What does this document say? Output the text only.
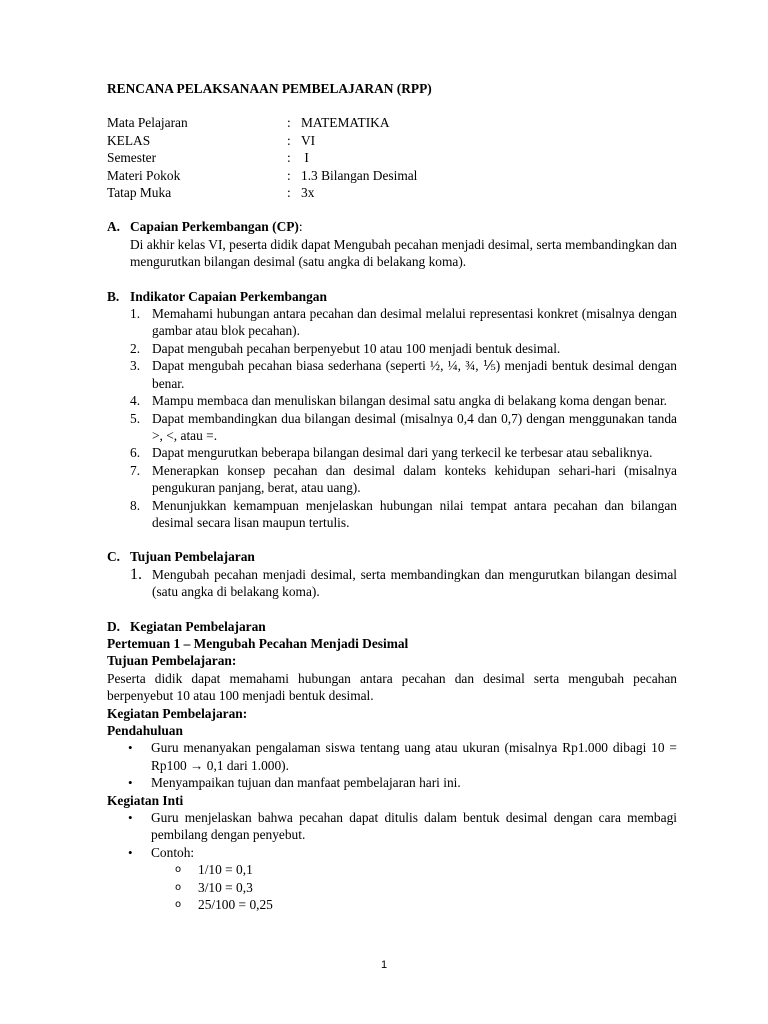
RENCANA PELAKSANAAN PEMBELAJARAN (RPP)
Mata Pelajaran	: MATEMATIKA
KELAS	: VI
Semester	: I
Materi Pokok	: 1.3 Bilangan Desimal
Tatap Muka	: 3x
A. Capaian Perkembangan (CP):
Di akhir kelas VI, peserta didik dapat Mengubah pecahan menjadi desimal, serta membandingkan dan mengurutkan bilangan desimal (satu angka di belakang koma).
B. Indikator Capaian Perkembangan
1. Memahami hubungan antara pecahan dan desimal melalui representasi konkret (misalnya dengan gambar atau blok pecahan).
2. Dapat mengubah pecahan berpenyebut 10 atau 100 menjadi bentuk desimal.
3. Dapat mengubah pecahan biasa sederhana (seperti ½, ¼, ¾, ⅕) menjadi bentuk desimal dengan benar.
4. Mampu membaca dan menuliskan bilangan desimal satu angka di belakang koma dengan benar.
5. Dapat membandingkan dua bilangan desimal (misalnya 0,4 dan 0,7) dengan menggunakan tanda >, <, atau =.
6. Dapat mengurutkan beberapa bilangan desimal dari yang terkecil ke terbesar atau sebaliknya.
7. Menerapkan konsep pecahan dan desimal dalam konteks kehidupan sehari-hari (misalnya pengukuran panjang, berat, atau uang).
8. Menunjukkan kemampuan menjelaskan hubungan nilai tempat antara pecahan dan bilangan desimal secara lisan maupun tertulis.
C. Tujuan Pembelajaran
1. Mengubah pecahan menjadi desimal, serta membandingkan dan mengurutkan bilangan desimal (satu angka di belakang koma).
D. Kegiatan Pembelajaran
Pertemuan 1 – Mengubah Pecahan Menjadi Desimal
Tujuan Pembelajaran:
Peserta didik dapat memahami hubungan antara pecahan dan desimal serta mengubah pecahan berpenyebut 10 atau 100 menjadi bentuk desimal.
Kegiatan Pembelajaran:
Pendahuluan
•	Guru menanyakan pengalaman siswa tentang uang atau ukuran (misalnya Rp1.000 dibagi 10 = Rp100 → 0,1 dari 1.000).
•	Menyampaikan tujuan dan manfaat pembelajaran hari ini.
Kegiatan Inti
•	Guru menjelaskan bahwa pecahan dapat ditulis dalam bentuk desimal dengan cara membagi pembilang dengan penyebut.
•	Contoh:
o	1/10 = 0,1
o	3/10 = 0,3
o	25/100 = 0,25
1
